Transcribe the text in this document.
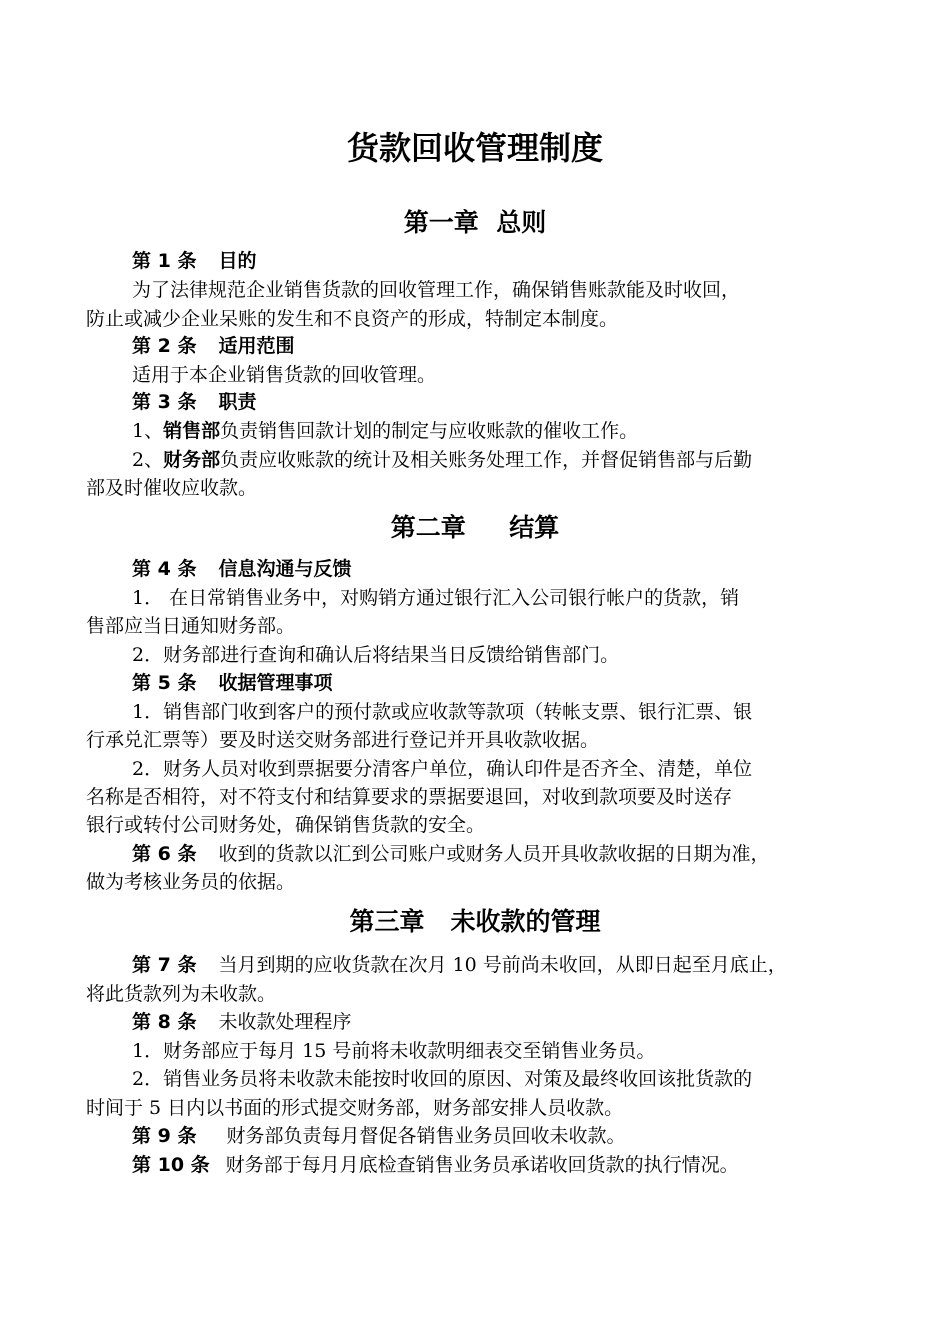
货款回收管理制度
第一章  总则

第 1 条 目的

为了法律规范企业销售货款的回收管理工作，确保销售账款能及时收回，

防止或减少企业呆账的发生和不良资产的形成，特制定本制度。

第 2 条 适用范围

适用于本企业销售货款的回收管理。

第 3 条 职责

1、销售部负责销售回款计划的制定与应收账款的催收工作。

2、财务部负责应收账款的统计及相关账务处理工作，并督促销售部与后勤

部及时催收应收款。

第二章     结算

第 4 条 信息沟通与反馈

1． 在日常销售业务中，对购销方通过银行汇入公司银行帐户的货款，销

售部应当日通知财务部。

2．财务部进行查询和确认后将结果当日反馈给销售部门。

第 5 条 收据管理事项

1．销售部门收到客户的预付款或应收款等款项（转帐支票、银行汇票、银

行承兑汇票等）要及时送交财务部进行登记并开具收款收据。

2．财务人员对收到票据要分清客户单位，确认印件是否齐全、清楚，单位

名称是否相符，对不符支付和结算要求的票据要退回，对收到款项要及时送存

银行或转付公司财务处，确保销售货款的安全。

第 6 条 收到的货款以汇到公司账户或财务人员开具收款收据的日期为准，

做为考核业务员的依据。

第三章   未收款的管理

第 7 条 当月到期的应收货款在次月 10 号前尚未收回，从即日起至月底止，

将此货款列为未收款。

第 8 条 未收款处理程序

1．财务部应于每月 15 号前将未收款明细表交至销售业务员。

2．销售业务员将未收款未能按时收回的原因、对策及最终收回该批货款的

时间于 5 日内以书面的形式提交财务部，财务部安排人员收款。

第 9 条 财务部负责每月督促各销售业务员回收未收款。

第 10 条 财务部于每月月底检查销售业务员承诺收回货款的执行情况。
